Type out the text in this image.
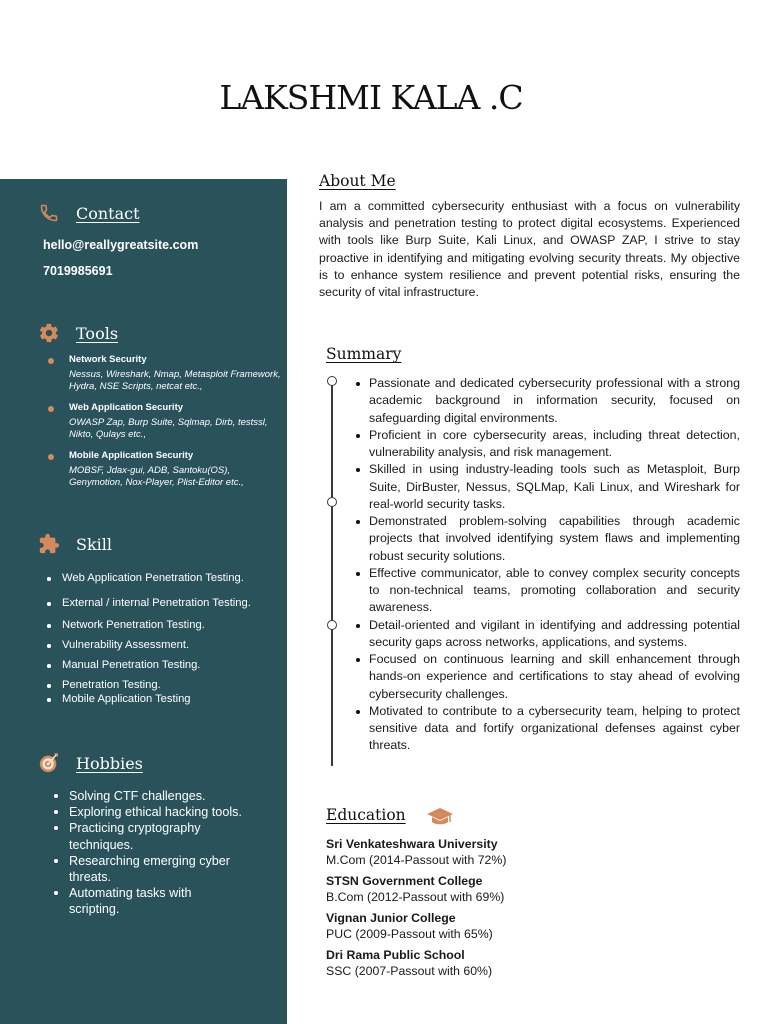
LAKSHMI KALA .C
Contact
hello@reallygreatsite.com
7019985691
Tools
Network Security
Nessus, Wireshark, Nmap, Metasploit Framework, Hydra, NSE Scripts, netcat etc.,
Web Application Security
OWASP Zap, Burp Suite, Sqlmap, Dirb, testssl, Nikto, Qulays etc.,
Mobile Application Security
MOBSF, Jdax-gui, ADB, Santoku(OS), Genymotion, Nox-Player, Plist-Editor etc.,
Skill
Web Application Penetration Testing.
External / internal Penetration Testing.
Network Penetration Testing.
Vulnerability Assessment.
Manual Penetration Testing.
Penetration Testing.
Mobile Application Testing
Hobbies
Solving CTF challenges.
Exploring ethical hacking tools.
Practicing cryptography techniques.
Researching emerging cyber threats.
Automating tasks with scripting.
About Me

I am a committed cybersecurity enthusiast with a focus on vulnerability analysis and penetration testing to protect digital ecosystems. Experienced with tools like Burp Suite, Kali Linux, and OWASP ZAP, I strive to stay proactive in identifying and mitigating evolving security threats. My objective is to enhance system resilience and prevent potential risks, ensuring the security of vital infrastructure.

Summary
Passionate and dedicated cybersecurity professional with a strong academic background in information security, focused on safeguarding digital environments.
Proficient in core cybersecurity areas, including threat detection, vulnerability analysis, and risk management.
Skilled in using industry-leading tools such as Metasploit, Burp Suite, DirBuster, Nessus, SQLMap, Kali Linux, and Wireshark for real-world security tasks.
Demonstrated problem-solving capabilities through academic projects that involved identifying system flaws and implementing robust security solutions.
Effective communicator, able to convey complex security concepts to non-technical teams, promoting collaboration and security awareness.
Detail-oriented and vigilant in identifying and addressing potential security gaps across networks, applications, and systems.
Focused on continuous learning and skill enhancement through hands-on experience and certifications to stay ahead of evolving cybersecurity challenges.
Motivated to contribute to a cybersecurity team, helping to protect sensitive data and fortify organizational defenses against cyber threats.
Education
Sri Venkateshwara University
M.Com (2014-Passout with 72%)
STSN Government College
B.Com (2012-Passout with 69%)
Vignan Junior College
PUC (2009-Passout with 65%)
Dri Rama Public School
SSC (2007-Passout with 60%)
